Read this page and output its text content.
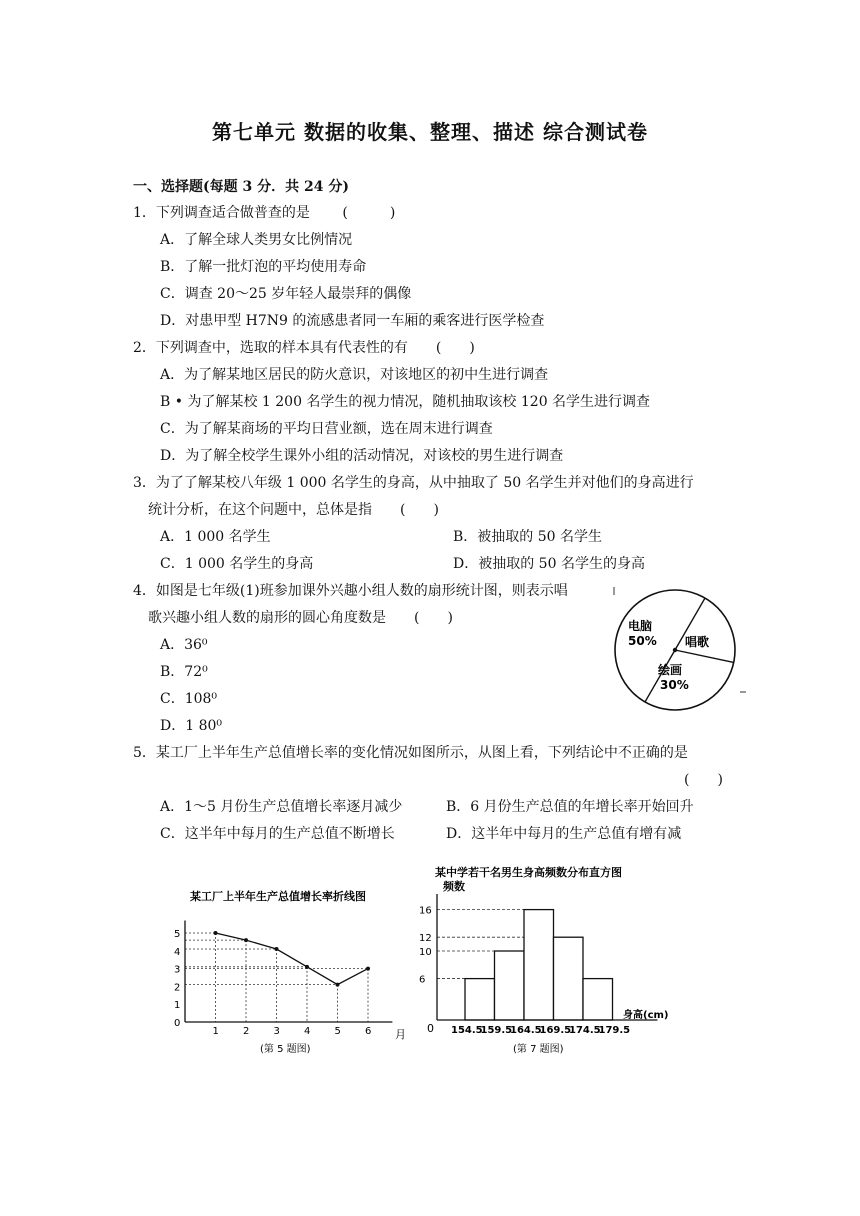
第七单元 数据的收集、整理、描述 综合测试卷
一、选择题(每题 3 分．共 24 分)
1．下列调查适合做普查的是　　 (　　　)
A．了解全球人类男女比例情况
B．了解一批灯泡的平均使用寿命
C．调查 20～25 岁年轻人最崇拜的偶像
D．对患甲型 H7N9 的流感患者同一车厢的乘客进行医学检查
2．下列调查中，选取的样本具有代表性的有　　(　　)
A．为了解某地区居民的防火意识，对该地区的初中生进行调查
B • 为了解某校 1 200 名学生的视力情况，随机抽取该校 120 名学生进行调查
C．为了解某商场的平均日营业额，选在周末进行调查
D．为了解全校学生课外小组的活动情况，对该校的男生进行调查
3．为了了解某校八年级 1 000 名学生的身高，从中抽取了 50 名学生并对他们的身高进行
统计分析，在这个问题中，总体是指　　(　　)
A．1 000 名学生	B．被抽取的 50 名学生
C．1 000 名学生的身高	D．被抽取的 50 名学生的身高
4．如图是七年级(1)班参加课外兴趣小组人数的扇形统计图，则表示唱
歌兴趣小组人数的扇形的圆心角度数是　　(　　)
A．36⁰
B．72⁰
C．108⁰
D．1 80⁰
电脑
50% 唱歌
绘画
30%
5．某工厂上半年生产总值增长率的变化情况如图所示，从图上看，下列结论中不正确的是
(　　)
A．1～5 月份生产总值增长率逐月减少	B．6 月份生产总值的年增长率开始回升
C．这半年中每月的生产总值不断增长	D．这半年中每月的生产总值有增有减
某工厂上半年生产总值增长率折线图
1 2 3 4 5 6
0
1
2
3
4
5
月
(第 5 题图)
某中学若干名男生身高频数分布直方图
频数
154.5
159.5
164.5
169.5
174.5
179.5
6
10
12
16
身高(cm)
0
(第 7 题图)
